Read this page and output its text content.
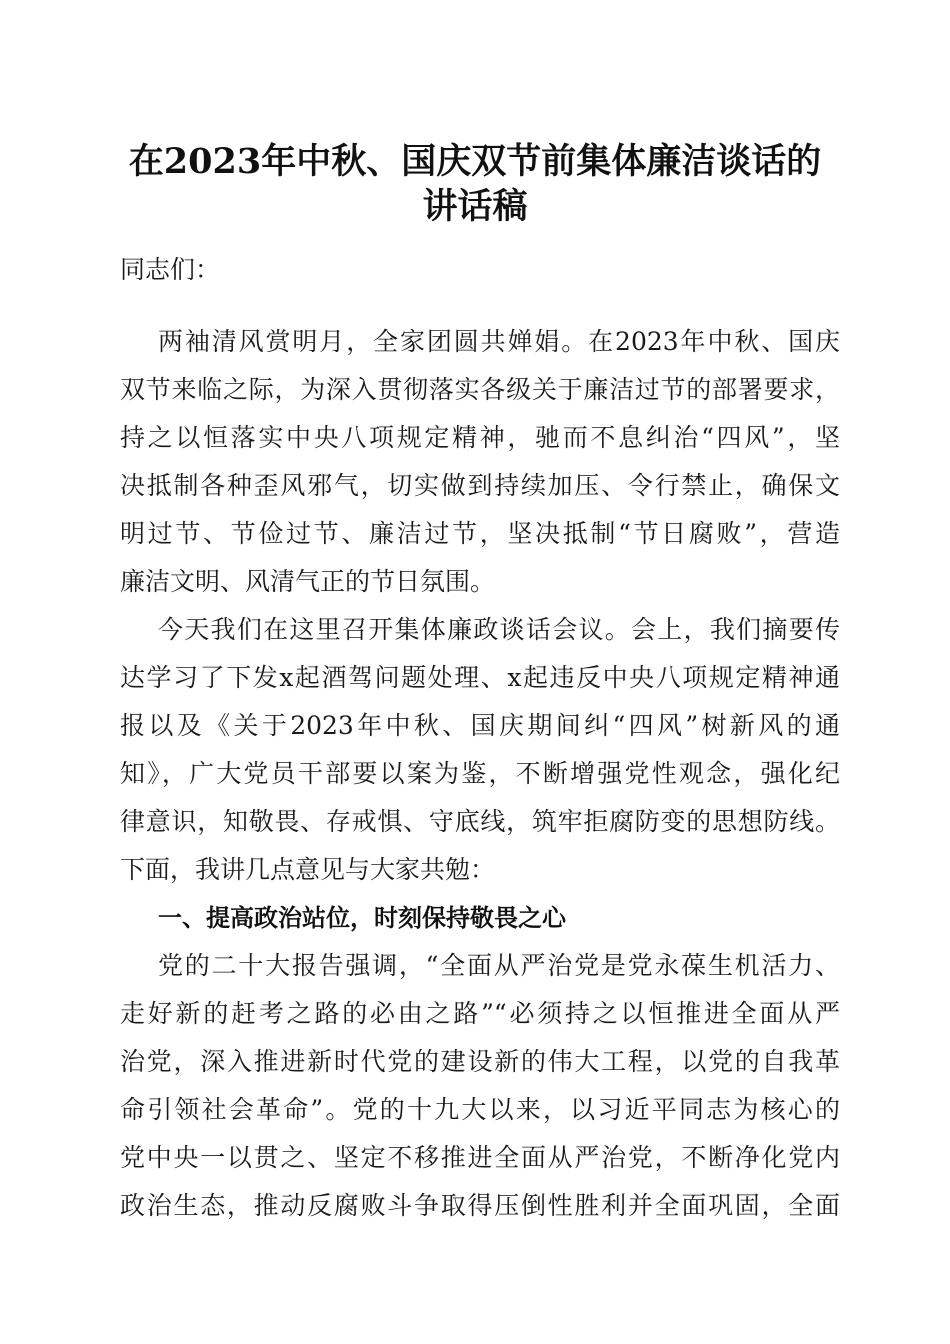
在2023年中秋、国庆双节前集体廉洁谈话的
讲话稿
同志们：
两袖清风赏明月，全家团圆共婵娟。在2023年中秋、国庆
双节来临之际，为深入贯彻落实各级关于廉洁过节的部署要求，
持之以恒落实中央八项规定精神，驰而不息纠治“四风”，坚
决抵制各种歪风邪气，切实做到持续加压、令行禁止，确保文
明过节、节俭过节、廉洁过节，坚决抵制“节日腐败”，营造
廉洁文明、风清气正的节日氛围。
今天我们在这里召开集体廉政谈话会议。会上，我们摘要传
达学习了下发x起酒驾问题处理、x起违反中央八项规定精神通
报以及《关于2023年中秋、国庆期间纠“四风”树新风的通
知》，广大党员干部要以案为鉴，不断增强党性观念，强化纪
律意识，知敬畏、存戒惧、守底线，筑牢拒腐防变的思想防线。
下面，我讲几点意见与大家共勉：
一、提高政治站位，时刻保持敬畏之心
党的二十大报告强调，“全面从严治党是党永葆生机活力、
走好新的赶考之路的必由之路”“必须持之以恒推进全面从严
治党，深入推进新时代党的建设新的伟大工程，以党的自我革
命引领社会革命”。党的十九大以来，以习近平同志为核心的
党中央一以贯之、坚定不移推进全面从严治党，不断净化党内
政治生态，推动反腐败斗争取得压倒性胜利并全面巩固，全面
